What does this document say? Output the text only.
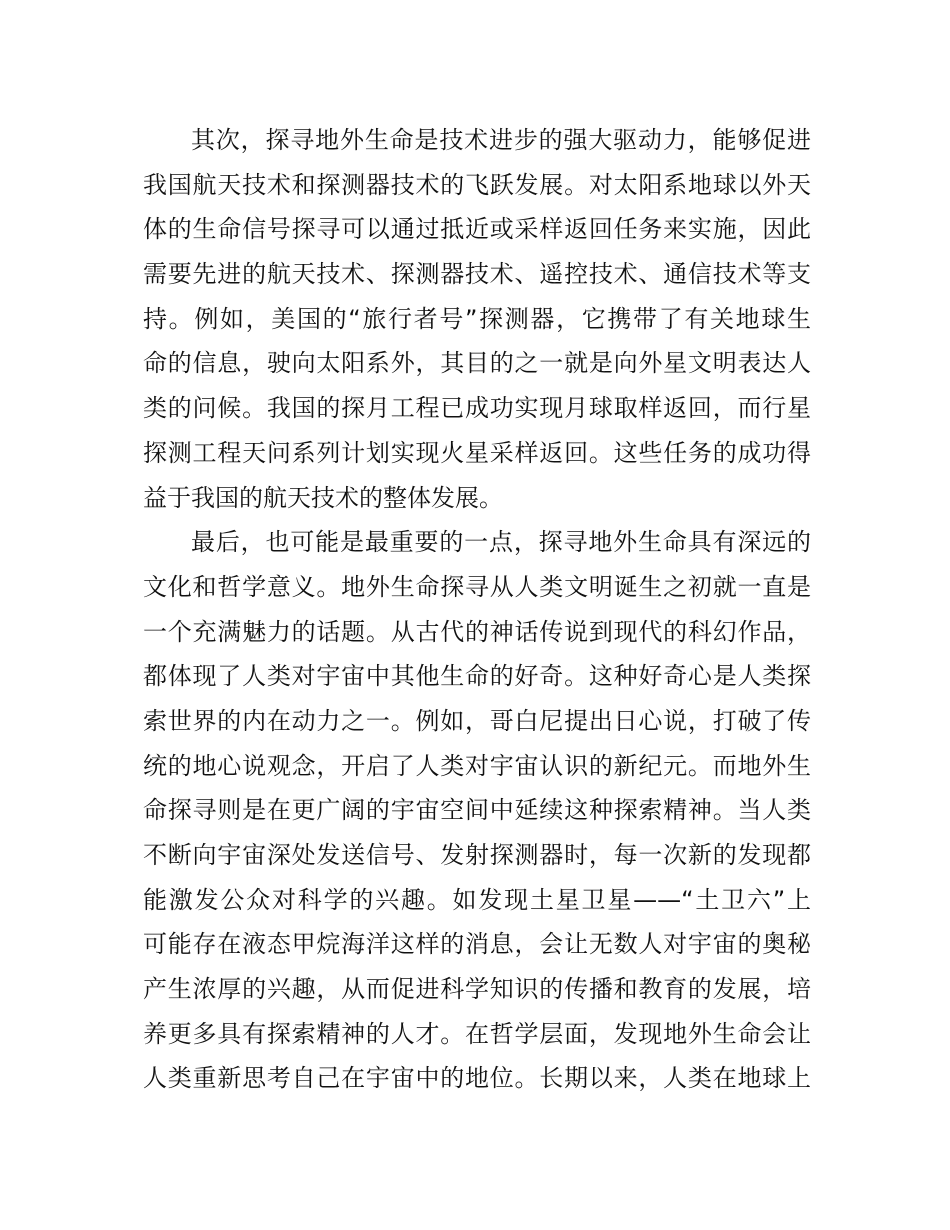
其次，探寻地外生命是技术进步的强大驱动力，能够促进
我国航天技术和探测器技术的飞跃发展。对太阳系地球以外天
体的生命信号探寻可以通过抵近或采样返回任务来实施，因此
需要先进的航天技术、探测器技术、遥控技术、通信技术等支
持。例如，美国的“旅行者号”探测器，它携带了有关地球生
命的信息，驶向太阳系外，其目的之一就是向外星文明表达人
类的问候。我国的探月工程已成功实现月球取样返回，而行星
探测工程天问系列计划实现火星采样返回。这些任务的成功得
益于我国的航天技术的整体发展。
最后，也可能是最重要的一点，探寻地外生命具有深远的
文化和哲学意义。地外生命探寻从人类文明诞生之初就一直是
一个充满魅力的话题。从古代的神话传说到现代的科幻作品，
都体现了人类对宇宙中其他生命的好奇。这种好奇心是人类探
索世界的内在动力之一。例如，哥白尼提出日心说，打破了传
统的地心说观念，开启了人类对宇宙认识的新纪元。而地外生
命探寻则是在更广阔的宇宙空间中延续这种探索精神。当人类
不断向宇宙深处发送信号、发射探测器时，每一次新的发现都
能激发公众对科学的兴趣。如发现土星卫星——“土卫六”上
可能存在液态甲烷海洋这样的消息，会让无数人对宇宙的奥秘
产生浓厚的兴趣，从而促进科学知识的传播和教育的发展，培
养更多具有探索精神的人才。在哲学层面，发现地外生命会让
人类重新思考自己在宇宙中的地位。长期以来，人类在地球上
